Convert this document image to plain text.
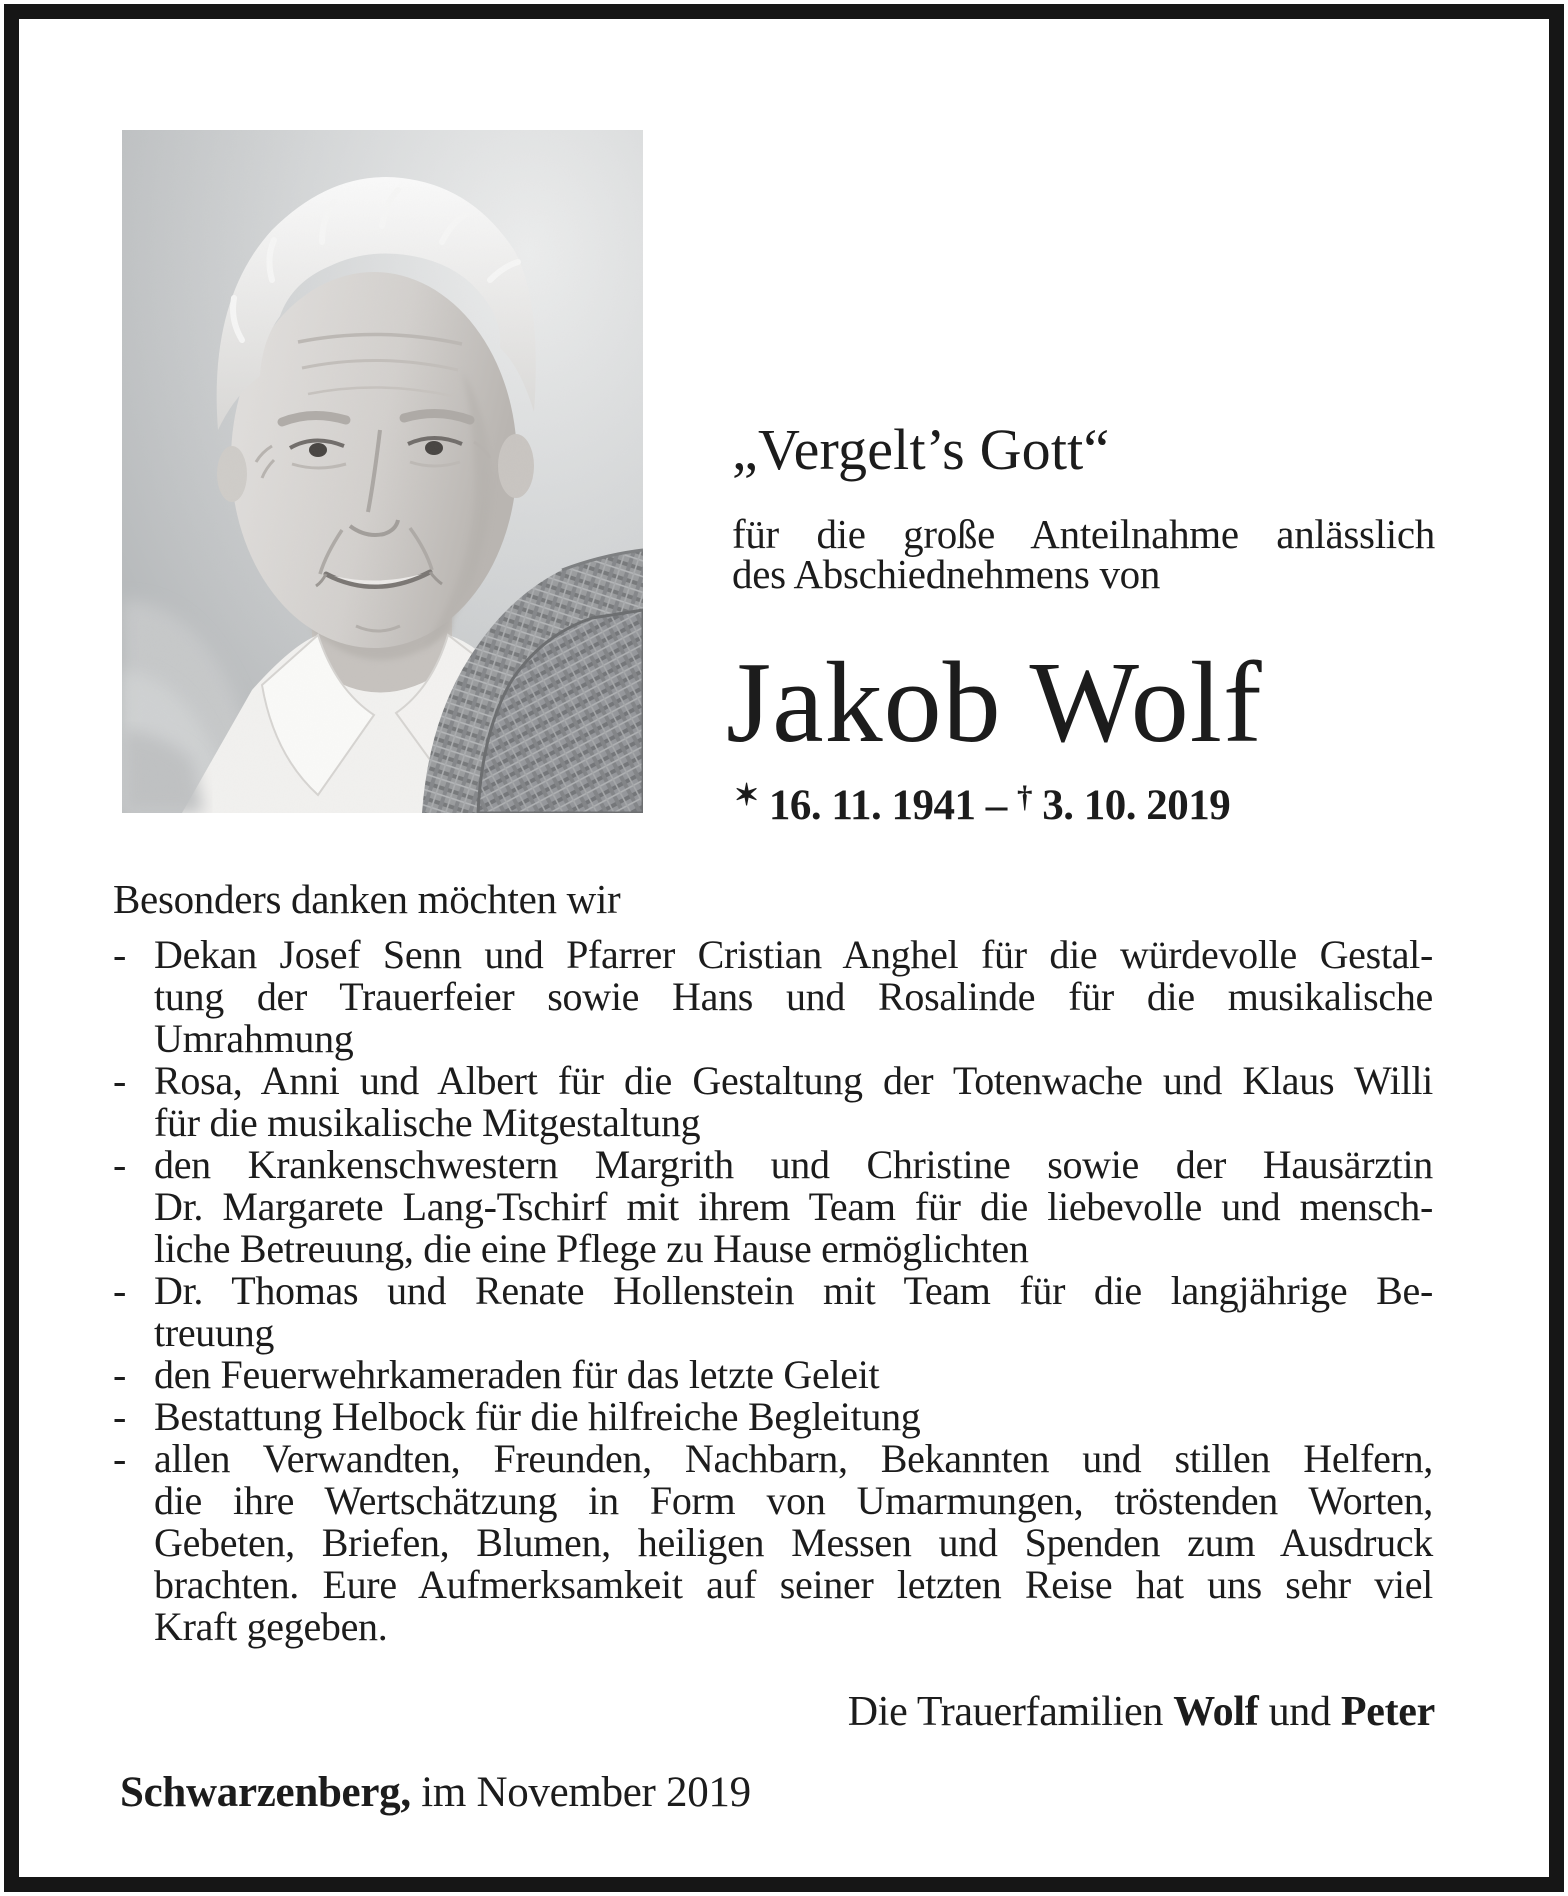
„Vergelt’s Gott“
für die große Anteilnahme anlässlich
des Abschiednehmens von
Jakob Wolf
✶ 16. 11. 1941 – † 3. 10. 2019
Besonders danken möchten wir
- Dekan Josef Senn und Pfarrer Cristian Anghel für die würdevolle Gestal-
tung der Trauerfeier sowie Hans und Rosalinde für die musikalische
Umrahmung
- Rosa, Anni und Albert für die Gestaltung der Totenwache und Klaus Willi
für die musikalische Mitgestaltung
- den Krankenschwestern Margrith und Christine sowie der Hausärztin
Dr. Margarete Lang-Tschirf mit ihrem Team für die liebevolle und mensch-
liche Betreuung, die eine Pflege zu Hause ermöglichten
- Dr. Thomas und Renate Hollenstein mit Team für die langjährige Be-
treuung
- den Feuerwehrkameraden für das letzte Geleit
- Bestattung Helbock für die hilfreiche Begleitung
- allen Verwandten, Freunden, Nachbarn, Bekannten und stillen Helfern,
die ihre Wertschätzung in Form von Umarmungen, tröstenden Worten,
Gebeten, Briefen, Blumen, heiligen Messen und Spenden zum Ausdruck
brachten. Eure Aufmerksamkeit auf seiner letzten Reise hat uns sehr viel
Kraft gegeben.
Die Trauerfamilien Wolf und Peter
Schwarzenberg, im November 2019
